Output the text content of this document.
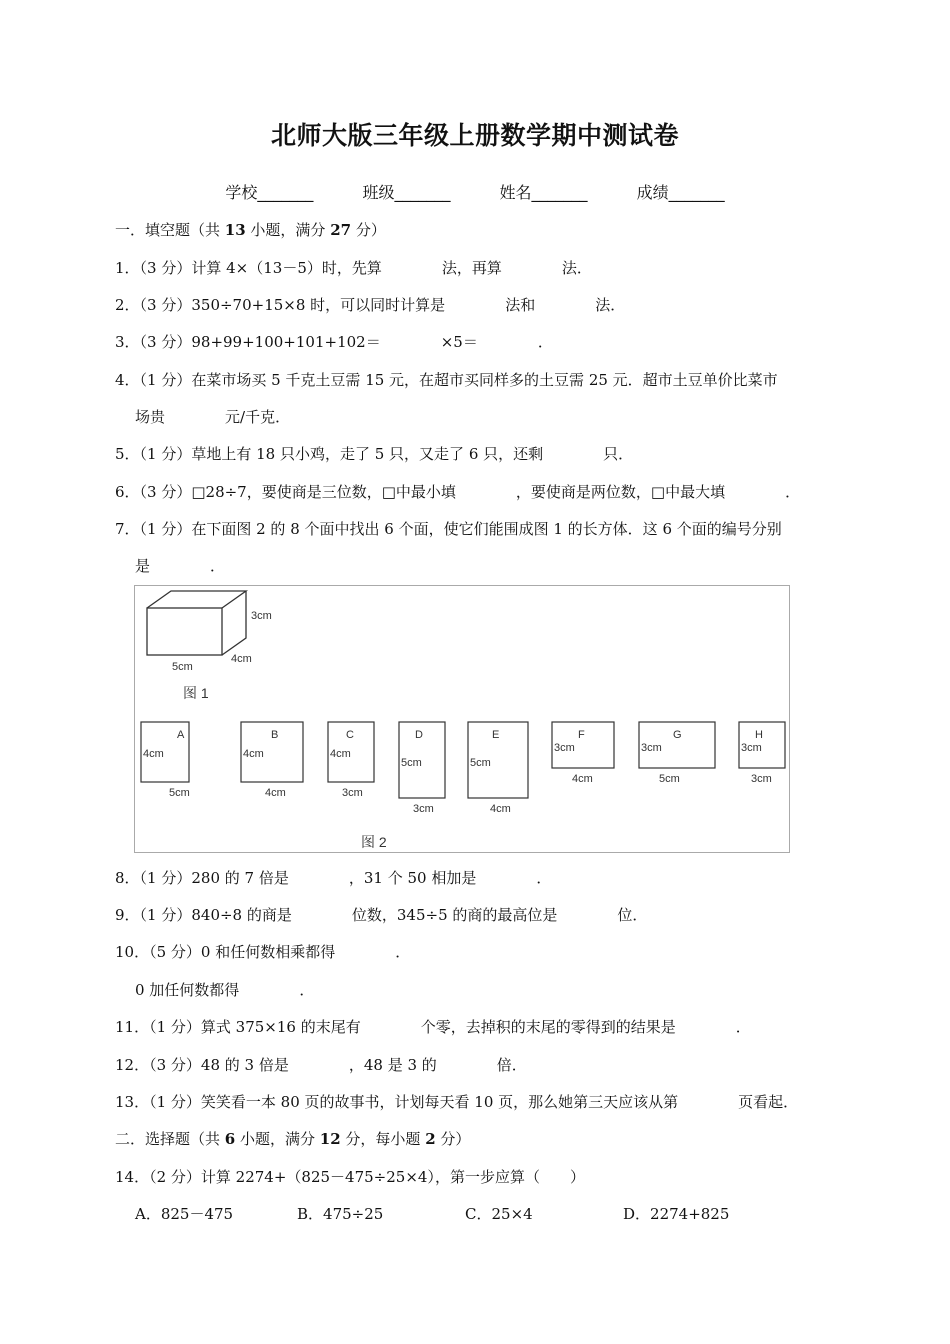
北师大版三年级上册数学期中测试卷
学校_______	班级_______	姓名_______	成绩_______
一．填空题（共 13 小题，满分 27 分）
1．（3 分）计算 4×（13－5）时，先算	法，再算	法．
2．（3 分）350÷70+15×8 时，可以同时计算是	法和	法．
3．（3 分）98+99+100+101+102＝	×5＝	．
4．（1 分）在菜市场买 5 千克土豆需 15 元，在超市买同样多的土豆需 25 元．超市土豆单价比菜市
场贵	元/千克．
5．（1 分）草地上有 18 只小鸡，走了 5 只，又走了 6 只，还剩	只．
6．（3 分）□28÷7，要使商是三位数，□中最小填	，要使商是两位数，□中最大填	．
7．（1 分）在下面图 2 的 8 个面中找出 6 个面，使它们能围成图 1 的长方体．这 6 个面的编号分别
是	．
3cm
4cm
5cm
图 1
A
4cm
5cm
B
4cm
4cm
C
4cm
3cm
D
5cm
3cm
E
5cm
4cm
F
3cm
4cm
G
3cm
5cm
H
3cm
3cm
图 2
8．（1 分）280 的 7 倍是	，31 个 50 相加是	．
9．（1 分）840÷8 的商是	位数，345÷5 的商的最高位是	位．
10．（5 分）0 和任何数相乘都得	．
0 加任何数都得	．
11．（1 分）算式 375×16 的末尾有	个零，去掉积的末尾的零得到的结果是	．
12．（3 分）48 的 3 倍是	，48 是 3 的	倍．
13．（1 分）笑笑看一本 80 页的故事书，计划每天看 10 页，那么她第三天应该从第	页看起．
二．选择题（共 6 小题，满分 12 分，每小题 2 分）
14．（2 分）计算 2274+（825－475÷25×4），第一步应算（　　）
A．825－475	B．475÷25	C．25×4	D．2274+825
